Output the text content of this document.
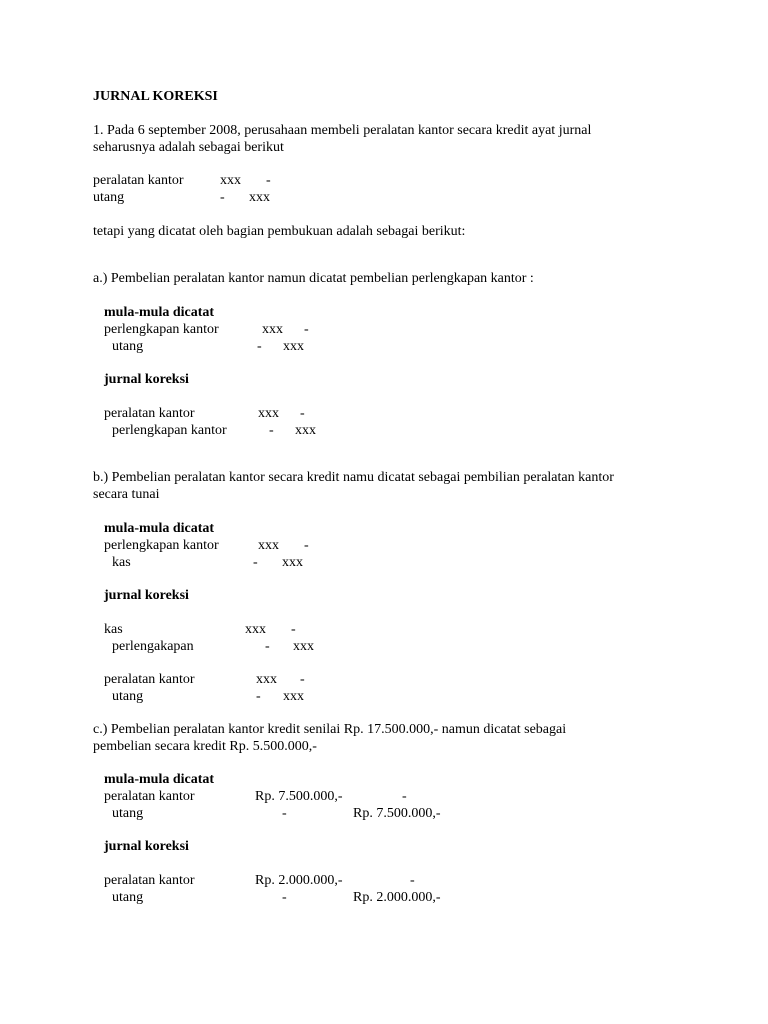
JURNAL KOREKSI
1. Pada 6 september 2008, perusahaan membeli peralatan kantor secara kredit ayat jurnal
seharusnya adalah sebagai berikut
peralatan kantor	xxx -
utang	- xxx
tetapi yang dicatat oleh bagian pembukuan adalah sebagai berikut:
a.) Pembelian peralatan kantor namun dicatat pembelian perlengkapan kantor :
mula-mula dicatat
perlengkapan kantor	xxx -
utang	- xxx
jurnal koreksi
peralatan kantor	xxx -
perlengkapan kantor	- xxx
b.) Pembelian peralatan kantor secara kredit namu dicatat sebagai pembilian peralatan kantor
secara tunai
mula-mula dicatat
perlengkapan kantor	xxx -
kas	- xxx
jurnal koreksi
kas	xxx -
perlengakapan	- xxx
peralatan kantor	xxx -
utang	- xxx
c.) Pembelian peralatan kantor kredit senilai Rp. 17.500.000,- namun dicatat sebagai
pembelian secara kredit Rp. 5.500.000,-
mula-mula dicatat
peralatan kantor	Rp. 7.500.000,-	-
utang	-	Rp. 7.500.000,-
jurnal koreksi
peralatan kantor	Rp. 2.000.000,-	-
utang	-	Rp. 2.000.000,-
